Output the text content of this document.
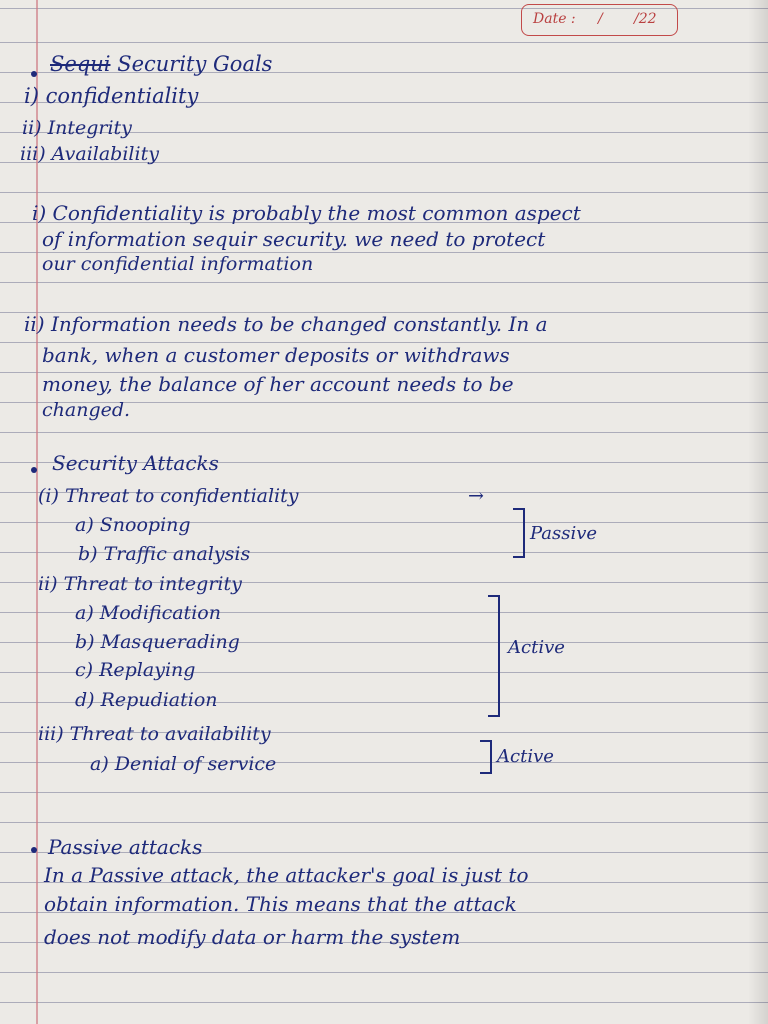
Date : / /22
Sequi Security Goals
i) confidentiality
ii) Integrity
iii) Availability
i) Confidentiality is probably the most common aspect
of information sequir security. we need to protect
our confidential information
ii) Information needs to be changed constantly. In a
bank, when a customer deposits or withdraws
money, the balance of her account needs to be
changed.
Security Attacks
(i) Threat to confidentiality	→
a) Snooping
b) Traffic analysis
ii) Threat to integrity
a) Modification
b) Masquerading
c) Replaying
d) Repudiation
iii) Threat to availability
a) Denial of service
Passive
Active
Active
Passive attacks
In a Passive attack, the attacker's goal is just to
obtain information. This means that the attack
does not modify data or harm the system
